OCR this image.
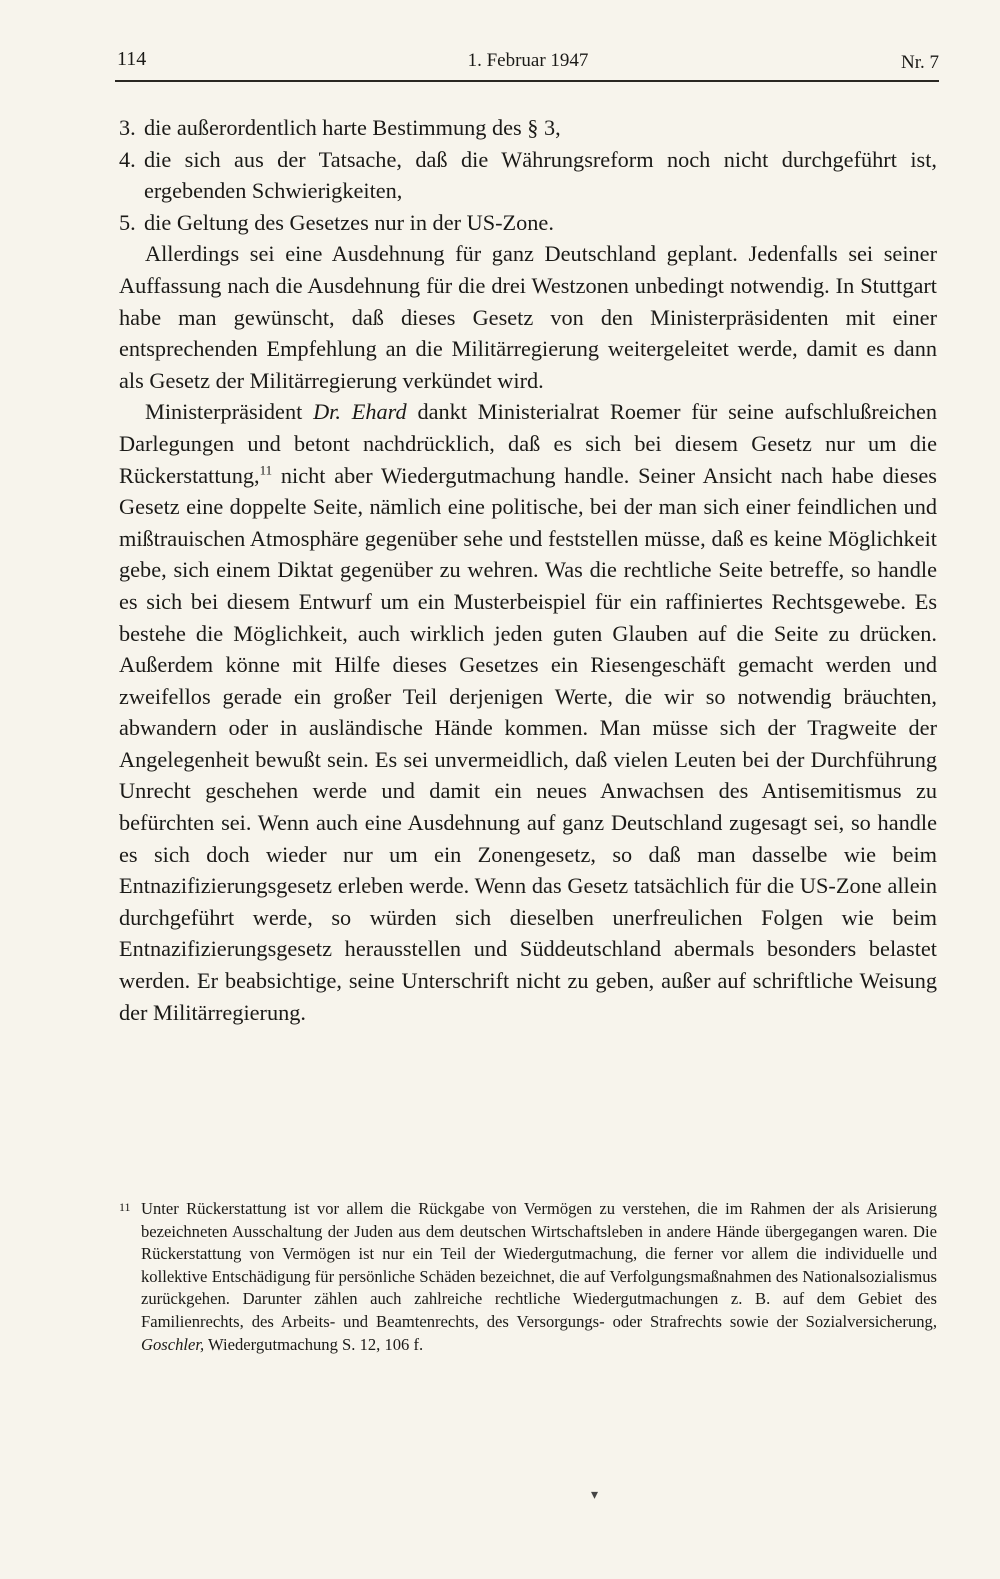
114	1. Februar 1947	Nr. 7
3. die außerordentlich harte Bestimmung des § 3,
4. die sich aus der Tatsache, daß die Währungsreform noch nicht durchgeführt ist, ergebenden Schwierigkeiten,
5. die Geltung des Gesetzes nur in der US-Zone.

Allerdings sei eine Ausdehnung für ganz Deutschland geplant. Jedenfalls sei seiner Auffassung nach die Ausdehnung für die drei Westzonen unbedingt notwendig. In Stuttgart habe man gewünscht, daß dieses Gesetz von den Ministerpräsidenten mit einer entsprechenden Empfehlung an die Militärregierung weitergeleitet werde, damit es dann als Gesetz der Militärregierung verkündet wird.

Ministerpräsident Dr. Ehard dankt Ministerialrat Roemer für seine aufschlußreichen Darlegungen und betont nachdrücklich, daß es sich bei diesem Gesetz nur um die Rückerstattung,$^{11}$ nicht aber Wiedergutmachung handle. Seiner Ansicht nach habe dieses Gesetz eine doppelte Seite, nämlich eine politische, bei der man sich einer feindlichen und mißtrauischen Atmosphäre gegenüber sehe und feststellen müsse, daß es keine Möglichkeit gebe, sich einem Diktat gegenüber zu wehren. Was die rechtliche Seite betreffe, so handle es sich bei diesem Entwurf um ein Musterbeispiel für ein raffiniertes Rechtsgewebe. Es bestehe die Möglichkeit, auch wirklich jeden guten Glauben auf die Seite zu drücken. Außerdem könne mit Hilfe dieses Gesetzes ein Riesengeschäft gemacht werden und zweifellos gerade ein großer Teil derjenigen Werte, die wir so notwendig bräuchten, abwandern oder in ausländische Hände kommen. Man müsse sich der Tragweite der Angelegenheit bewußt sein. Es sei unvermeidlich, daß vielen Leuten bei der Durchführung Unrecht geschehen werde und damit ein neues Anwachsen des Antisemitismus zu befürchten sei. Wenn auch eine Ausdehnung auf ganz Deutschland zugesagt sei, so handle es sich doch wieder nur um ein Zonengesetz, so daß man dasselbe wie beim Entnazifizierungsgesetz erleben werde. Wenn das Gesetz tatsächlich für die US-Zone allein durchgeführt werde, so würden sich dieselben unerfreulichen Folgen wie beim Entnazifizierungsgesetz herausstellen und Süddeutschland abermals besonders belastet werden. Er beabsichtige, seine Unterschrift nicht zu geben, außer auf schriftliche Weisung der Militärregierung.

11 Unter Rückerstattung ist vor allem die Rückgabe von Vermögen zu verstehen, die im Rahmen der als Arisierung bezeichneten Ausschaltung der Juden aus dem deutschen Wirtschaftsleben in andere Hände übergegangen waren. Die Rückerstattung von Vermögen ist nur ein Teil der Wiedergutmachung, die ferner vor allem die individuelle und kollektive Entschädigung für persönliche Schäden bezeichnet, die auf Verfolgungsmaßnahmen des Nationalsozialismus zurückgehen. Darunter zählen auch zahlreiche rechtliche Wiedergutmachungen z. B. auf dem Gebiet des Familienrechts, des Arbeits- und Beamtenrechts, des Versorgungs- oder Strafrechts sowie der Sozialversicherung, Goschler, Wiedergutmachung S. 12, 106 f.
▾
